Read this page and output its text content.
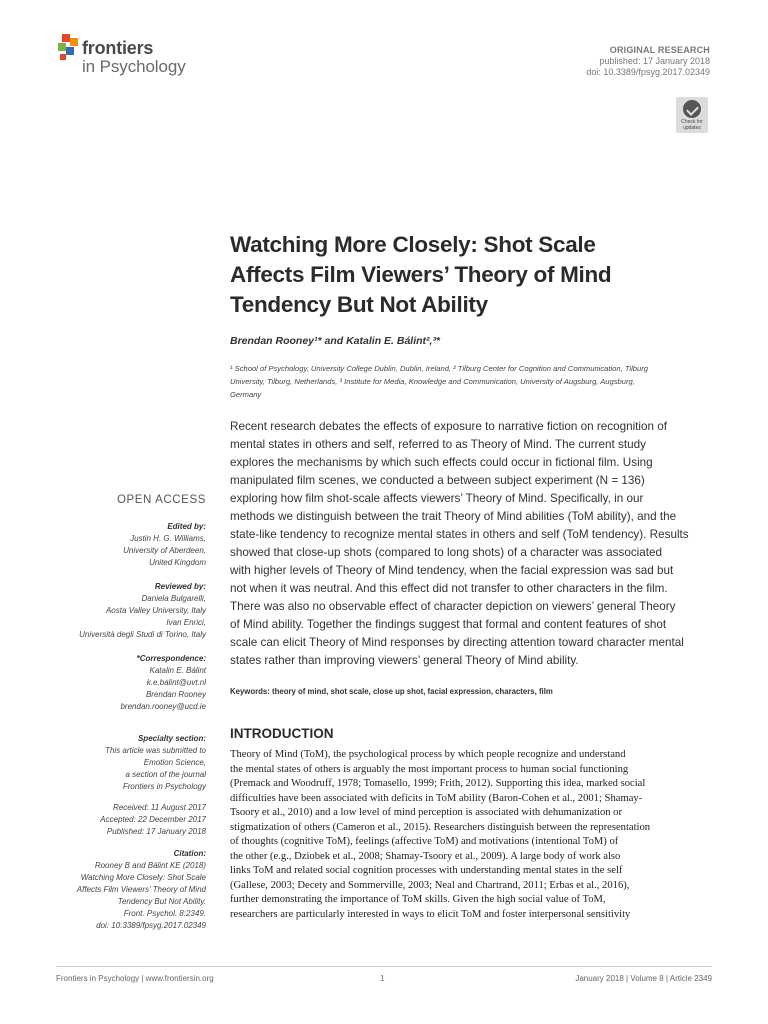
frontiers
in Psychology
ORIGINAL RESEARCH
published: 17 January 2018
doi: 10.3389/fpsyg.2017.02349
Check for
updates
Watching More Closely: Shot Scale
Affects Film Viewers’ Theory of Mind
Tendency But Not Ability
Brendan Rooney¹* and Katalin E. Bálint²,³*
¹ School of Psychology, University College Dublin, Dublin, Ireland, ² Tilburg Center for Cognition and Communication, Tilburg
University, Tilburg, Netherlands, ³ Institute for Media, Knowledge and Communication, University of Augsburg, Augsburg,
Germany
Recent research debates the effects of exposure to narrative fiction on recognition of
mental states in others and self, referred to as Theory of Mind. The current study
explores the mechanisms by which such effects could occur in fictional film. Using
manipulated film scenes, we conducted a between subject experiment (N = 136)
exploring how film shot-scale affects viewers’ Theory of Mind. Specifically, in our
methods we distinguish between the trait Theory of Mind abilities (ToM ability), and the
state-like tendency to recognize mental states in others and self (ToM tendency). Results
showed that close-up shots (compared to long shots) of a character was associated
with higher levels of Theory of Mind tendency, when the facial expression was sad but
not when it was neutral. And this effect did not transfer to other characters in the film.
There was also no observable effect of character depiction on viewers’ general Theory
of Mind ability. Together the findings suggest that formal and content features of shot
scale can elicit Theory of Mind responses by directing attention toward character mental
states rather than improving viewers’ general Theory of Mind ability.
Keywords: theory of mind, shot scale, close up shot, facial expression, characters, film
INTRODUCTION
Theory of Mind (ToM), the psychological process by which people recognize and understand
the mental states of others is arguably the most important process to human social functioning
(Premack and Woodruff, 1978; Tomasello, 1999; Frith, 2012). Supporting this idea, marked social
difficulties have been associated with deficits in ToM ability (Baron-Cohen et al., 2001; Shamay-
Tsoory et al., 2010) and a low level of mind perception is associated with dehumanization or
stigmatization of others (Cameron et al., 2015). Researchers distinguish between the representation
of thoughts (cognitive ToM), feelings (affective ToM) and motivations (intentional ToM) of
the other (e.g., Dziobek et al., 2008; Shamay-Tsoory et al., 2009). A large body of work also
links ToM and related social cognition processes with understanding mental states in the self
(Gallese, 2003; Decety and Sommerville, 2003; Neal and Chartrand, 2011; Erbas et al., 2016),
further demonstrating the importance of ToM skills. Given the high social value of ToM,
researchers are particularly interested in ways to elicit ToM and foster interpersonal sensitivity
OPEN ACCESS
Edited by:
Justin H. G. Williams,
University of Aberdeen,
United Kingdom
Reviewed by:
Daniela Bulgarelli,
Aosta Valley University, Italy
Ivan Enrici,
Università degli Studi di Torino, Italy
*Correspondence:
Katalin E. Bálint
k.e.balint@uvt.nl
Brendan Rooney
brendan.rooney@ucd.ie
Specialty section:
This article was submitted to
Emotion Science,
a section of the journal
Frontiers in Psychology
Received: 11 August 2017
Accepted: 22 December 2017
Published: 17 January 2018
Citation:
Rooney B and Bálint KE (2018)
Watching More Closely: Shot Scale
Affects Film Viewers’ Theory of Mind
Tendency But Not Ability.
Front. Psychol. 8:2349.
doi: 10.3389/fpsyg.2017.02349
Frontiers in Psychology | www.frontiersin.org	1	January 2018 | Volume 8 | Article 2349
